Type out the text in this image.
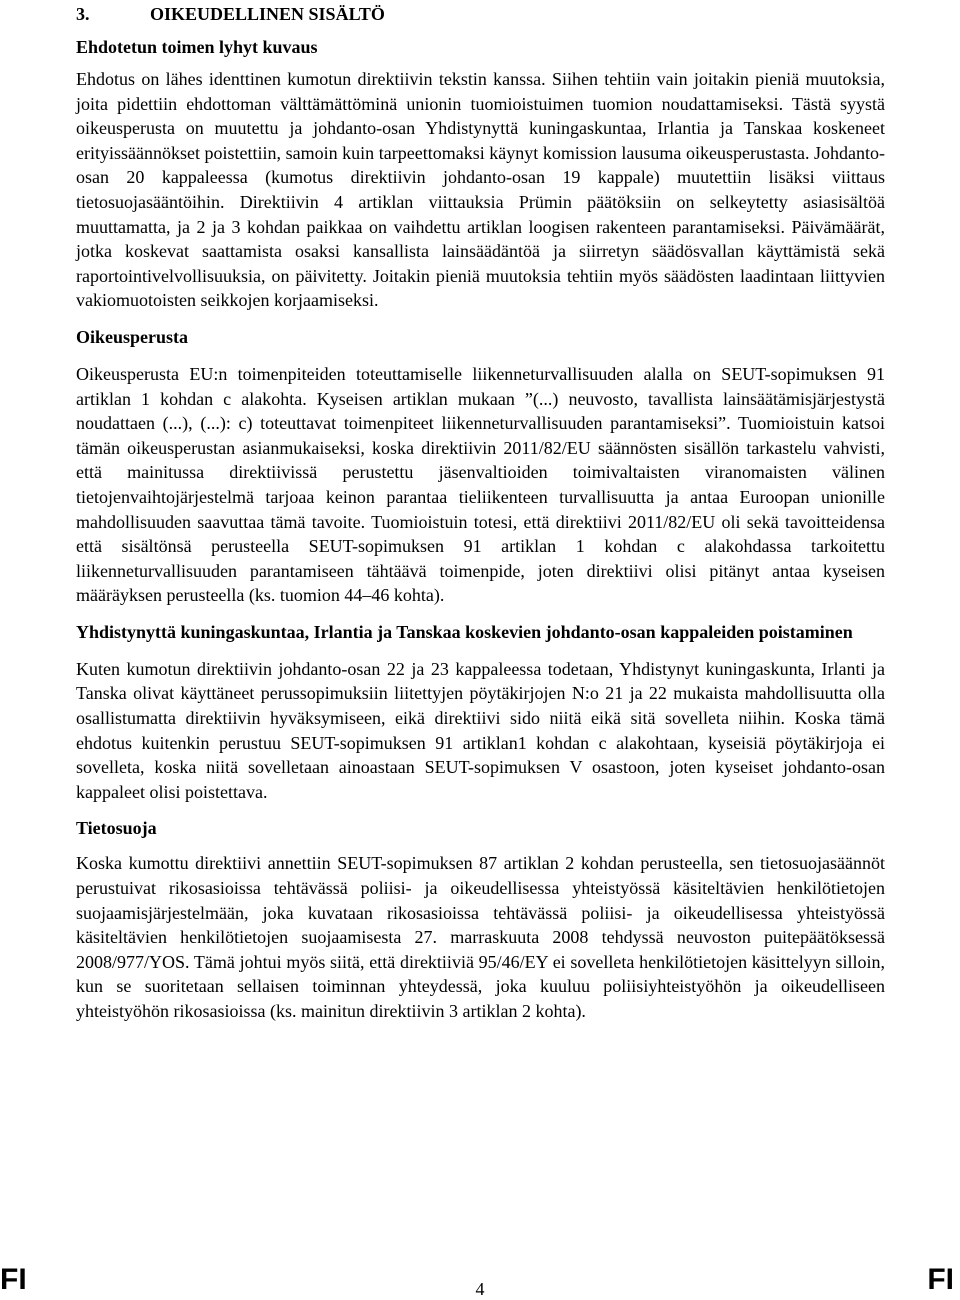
3.	OIKEUDELLINEN SISÄLTÖ
Ehdotetun toimen lyhyt kuvaus

Ehdotus on lähes identtinen kumotun direktiivin tekstin kanssa. Siihen tehtiin vain joitakin pieniä muutoksia, joita pidettiin ehdottoman välttämättöminä unionin tuomioistuimen tuomion noudattamiseksi. Tästä syystä oikeusperusta on muutettu ja johdanto-osan Yhdistynyttä kuningaskuntaa, Irlantia ja Tanskaa koskeneet erityissäännökset poistettiin, samoin kuin tarpeettomaksi käynyt komission lausuma oikeusperustasta. Johdanto-osan 20 kappaleessa (kumotus direktiivin johdanto-osan 19 kappale) muutettiin lisäksi viittaus tietosuojasääntöihin. Direktiivin 4 artiklan viittauksia Prümin päätöksiin on selkeytetty asiasisältöä muuttamatta, ja 2 ja 3 kohdan paikkaa on vaihdettu artiklan loogisen rakenteen parantamiseksi. Päivämäärät, jotka koskevat saattamista osaksi kansallista lainsäädäntöä ja siirretyn säädösvallan käyttämistä sekä raportointivelvollisuuksia, on päivitetty. Joitakin pieniä muutoksia tehtiin myös säädösten laadintaan liittyvien vakiomuotoisten seikkojen korjaamiseksi.

Oikeusperusta

Oikeusperusta EU:n toimenpiteiden toteuttamiselle liikenneturvallisuuden alalla on SEUT-sopimuksen 91 artiklan 1 kohdan c alakohta. Kyseisen artiklan mukaan ”(...) neuvosto, tavallista lainsäätämisjärjestystä noudattaen (...), (...): c) toteuttavat toimenpiteet liikenneturvallisuuden parantamiseksi”. Tuomioistuin katsoi tämän oikeusperustan asianmukaiseksi, koska direktiivin 2011/82/EU säännösten sisällön tarkastelu vahvisti, että mainitussa direktiivissä perustettu jäsenvaltioiden toimivaltaisten viranomaisten välinen tietojenvaihtojärjestelmä tarjoaa keinon parantaa tieliikenteen turvallisuutta ja antaa Euroopan unionille mahdollisuuden saavuttaa tämä tavoite. Tuomioistuin totesi, että direktiivi 2011/82/EU oli sekä tavoitteidensa että sisältönsä perusteella SEUT-sopimuksen 91 artiklan 1 kohdan c alakohdassa tarkoitettu liikenneturvallisuuden parantamiseen tähtäävä toimenpide, joten direktiivi olisi pitänyt antaa kyseisen määräyksen perusteella (ks. tuomion 44–46 kohta).

Yhdistynyttä kuningaskuntaa, Irlantia ja Tanskaa koskevien johdanto-osan kappaleiden poistaminen

Kuten kumotun direktiivin johdanto-osan 22 ja 23 kappaleessa todetaan, Yhdistynyt kuningaskunta, Irlanti ja Tanska olivat käyttäneet perussopimuksiin liitettyjen pöytäkirjojen N:o 21 ja 22 mukaista mahdollisuutta olla osallistumatta direktiivin hyväksymiseen, eikä direktiivi sido niitä eikä sitä sovelleta niihin. Koska tämä ehdotus kuitenkin perustuu SEUT-sopimuksen 91 artiklan1 kohdan c alakohtaan, kyseisiä pöytäkirjoja ei sovelleta, koska niitä sovelletaan ainoastaan SEUT-sopimuksen V osastoon, joten kyseiset johdanto-osan kappaleet olisi poistettava.

Tietosuoja

Koska kumottu direktiivi annettiin SEUT-sopimuksen 87 artiklan 2 kohdan perusteella, sen tietosuojasäännöt perustuivat rikosasioissa tehtävässä poliisi- ja oikeudellisessa yhteistyössä käsiteltävien henkilötietojen suojaamisjärjestelmään, joka kuvataan rikosasioissa tehtävässä poliisi- ja oikeudellisessa yhteistyössä käsiteltävien henkilötietojen suojaamisesta 27. marraskuuta 2008 tehdyssä neuvoston puitepäätöksessä 2008/977/YOS. Tämä johtui myös siitä, että direktiiviä 95/46/EY ei sovelleta henkilötietojen käsittelyyn silloin, kun se suoritetaan sellaisen toiminnan yhteydessä, joka kuuluu poliisiyhteistyöhön ja oikeudelliseen yhteistyöhön rikosasioissa (ks. mainitun direktiivin 3 artiklan 2 kohta).

FI	4	FI
